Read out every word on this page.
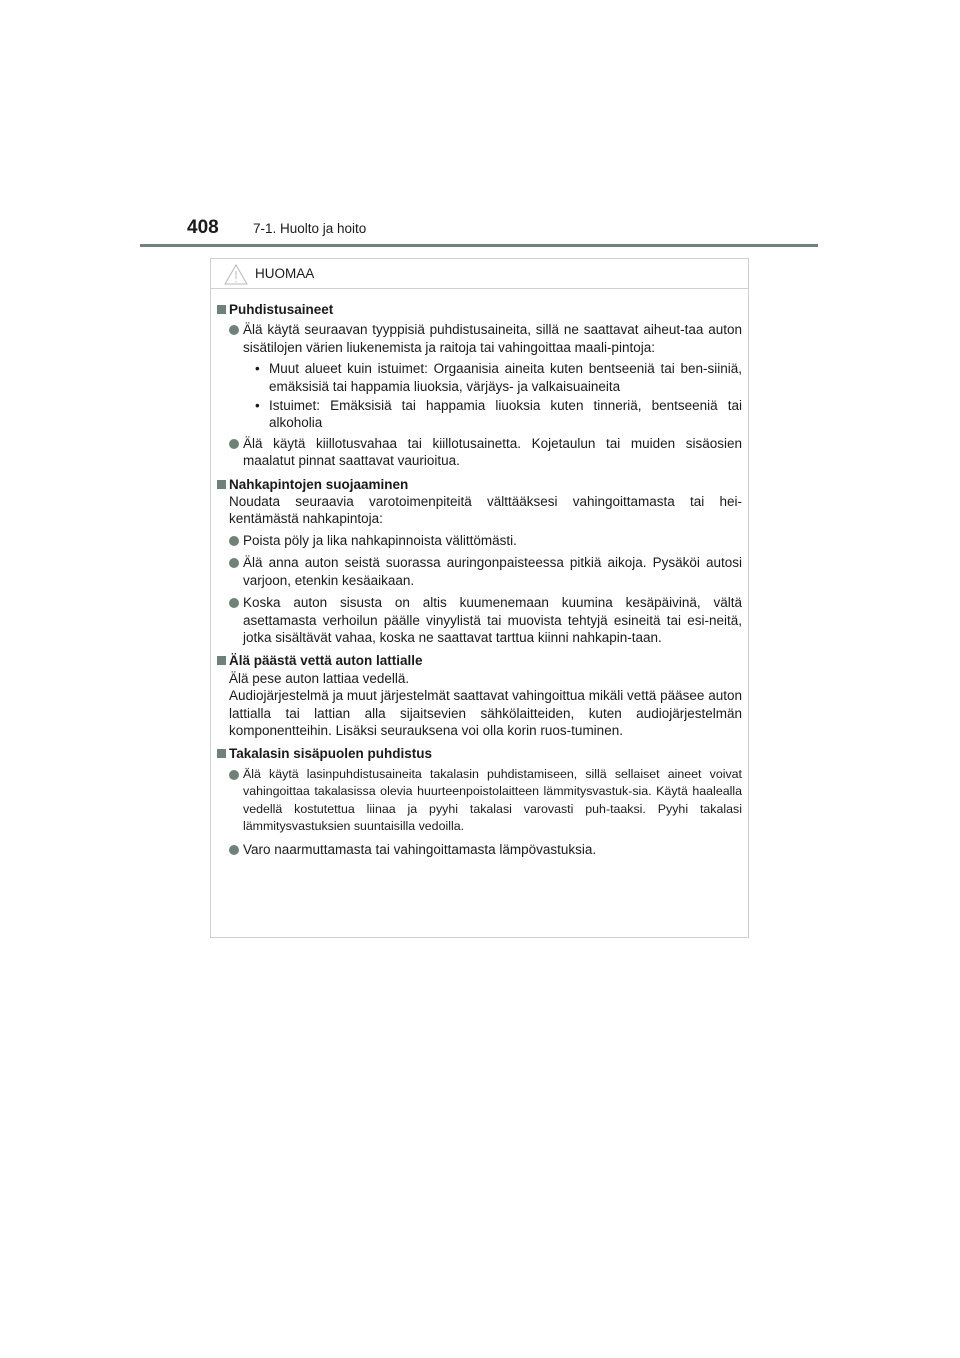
408	7-1. Huolto ja hoito
HUOMAA
Puhdistusaineet
Älä käytä seuraavan tyyppisiä puhdistusaineita, sillä ne saattavat aiheut-taa auton sisätilojen värien liukenemista ja raitoja tai vahingoittaa maali-pintoja:
• Muut alueet kuin istuimet: Orgaanisia aineita kuten bentseeniä tai ben-siiniä, emäksisiä tai happamia liuoksia, värjäys- ja valkaisuaineita
• Istuimet: Emäksisiä tai happamia liuoksia kuten tinneriä, bentseeniä tai alkoholia
Älä käytä kiillotusvahaa tai kiillotusainetta. Kojetaulun tai muiden sisäosien maalatut pinnat saattavat vaurioitua.
Nahkapintojen suojaaminen
Noudata seuraavia varotoimenpiteitä välttääksesi vahingoittamasta tai hei-kentämästä nahkapintoja:
Poista pöly ja lika nahkapinnoista välittömästi.
Älä anna auton seistä suorassa auringonpaisteessa pitkiä aikoja. Pysäköi autosi varjoon, etenkin kesäaikaan.
Koska auton sisusta on altis kuumenemaan kuumina kesäpäivinä, vältä asettamasta verhoilun päälle vinyylistä tai muovista tehtyjä esineitä tai esi-neitä, jotka sisältävät vahaa, koska ne saattavat tarttua kiinni nahkapin-taan.
Älä päästä vettä auton lattialle
Älä pese auton lattiaa vedellä.
Audiojärjestelmä ja muut järjestelmät saattavat vahingoittua mikäli vettä pääsee auton lattialla tai lattian alla sijaitsevien sähkölaitteiden, kuten audiojärjestelmän komponentteihin. Lisäksi seurauksena voi olla korin ruos-tuminen.
Takalasin sisäpuolen puhdistus
Älä käytä lasinpuhdistusaineita takalasin puhdistamiseen, sillä sellaiset aineet voivat vahingoittaa takalasissa olevia huurteenpoistolaitteen lämmitysvastuk-sia. Käytä haalealla vedellä kostutettua liinaa ja pyyhi takalasi varovasti puh-taaksi. Pyyhi takalasi lämmitysvastuksien suuntaisilla vedoilla.
Varo naarmuttamasta tai vahingoittamasta lämpövastuksia.
